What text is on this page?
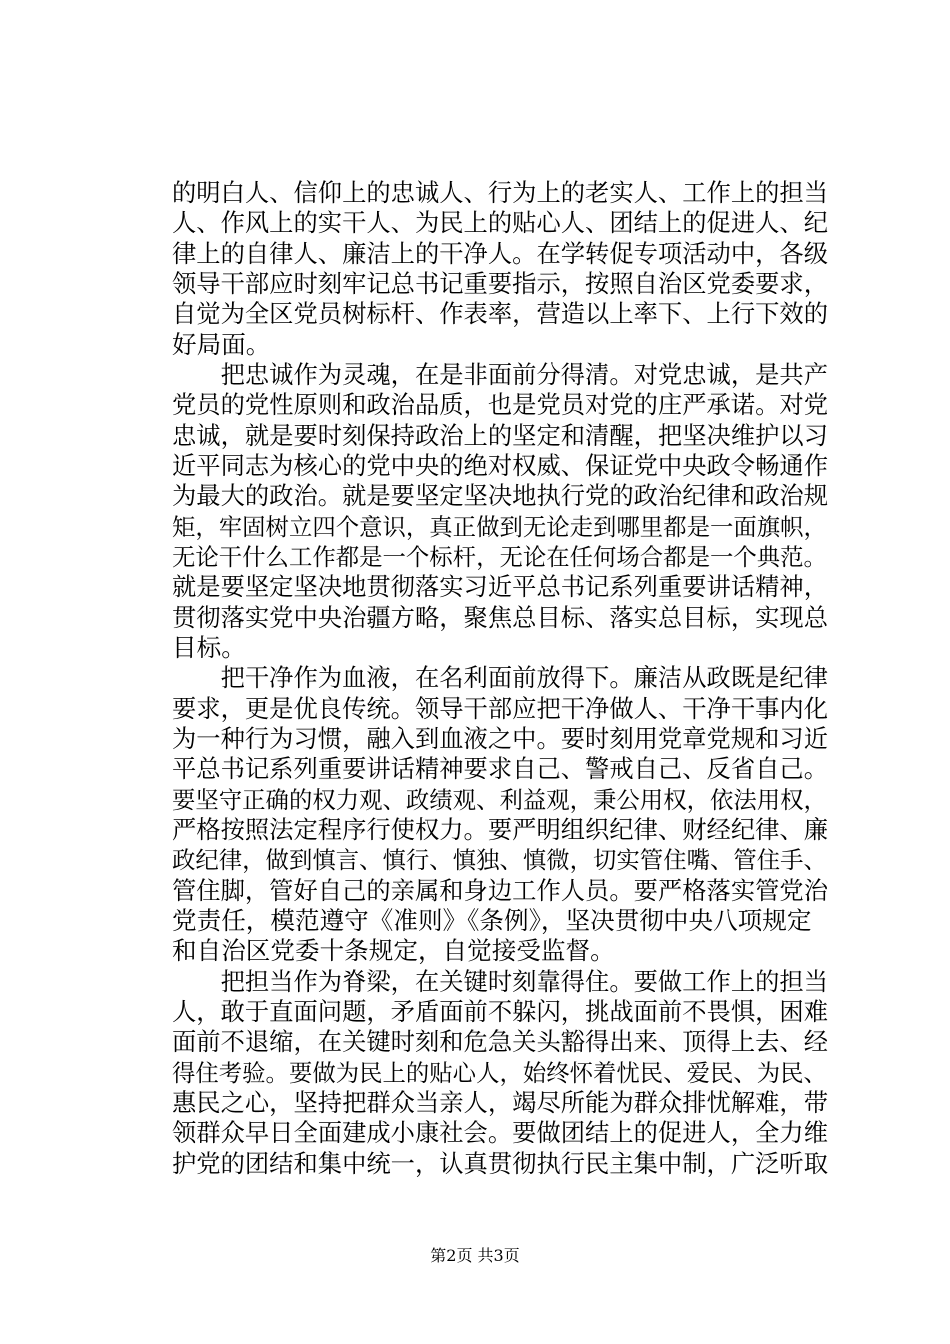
的明白人、信仰上的忠诚人、行为上的老实人、工作上的担当
人、作风上的实干人、为民上的贴心人、团结上的促进人、纪
律上的自律人、廉洁上的干净人。在学转促专项活动中，各级
领导干部应时刻牢记总书记重要指示，按照自治区党委要求，
自觉为全区党员树标杆、作表率，营造以上率下、上行下效的
好局面。
　　把忠诚作为灵魂，在是非面前分得清。对党忠诚，是共产
党员的党性原则和政治品质，也是党员对党的庄严承诺。对党
忠诚，就是要时刻保持政治上的坚定和清醒，把坚决维护以习
近平同志为核心的党中央的绝对权威、保证党中央政令畅通作
为最大的政治。就是要坚定坚决地执行党的政治纪律和政治规
矩，牢固树立四个意识，真正做到无论走到哪里都是一面旗帜，
无论干什么工作都是一个标杆，无论在任何场合都是一个典范。
就是要坚定坚决地贯彻落实习近平总书记系列重要讲话精神，
贯彻落实党中央治疆方略，聚焦总目标、落实总目标，实现总
目标。
　　把干净作为血液，在名利面前放得下。廉洁从政既是纪律
要求，更是优良传统。领导干部应把干净做人、干净干事内化
为一种行为习惯，融入到血液之中。要时刻用党章党规和习近
平总书记系列重要讲话精神要求自己、警戒自己、反省自己。
要坚守正确的权力观、政绩观、利益观，秉公用权，依法用权，
严格按照法定程序行使权力。要严明组织纪律、财经纪律、廉
政纪律，做到慎言、慎行、慎独、慎微，切实管住嘴、管住手、
管住脚，管好自己的亲属和身边工作人员。要严格落实管党治
党责任，模范遵守《准则》《条例》，坚决贯彻中央八项规定
和自治区党委十条规定，自觉接受监督。
　　把担当作为脊梁，在关键时刻靠得住。要做工作上的担当
人，敢于直面问题，矛盾面前不躲闪，挑战面前不畏惧，困难
面前不退缩，在关键时刻和危急关头豁得出来、顶得上去、经
得住考验。要做为民上的贴心人，始终怀着忧民、爱民、为民、
惠民之心，坚持把群众当亲人，竭尽所能为群众排忧解难，带
领群众早日全面建成小康社会。要做团结上的促进人，全力维
护党的团结和集中统一，认真贯彻执行民主集中制，广泛听取
第2页 共3页
